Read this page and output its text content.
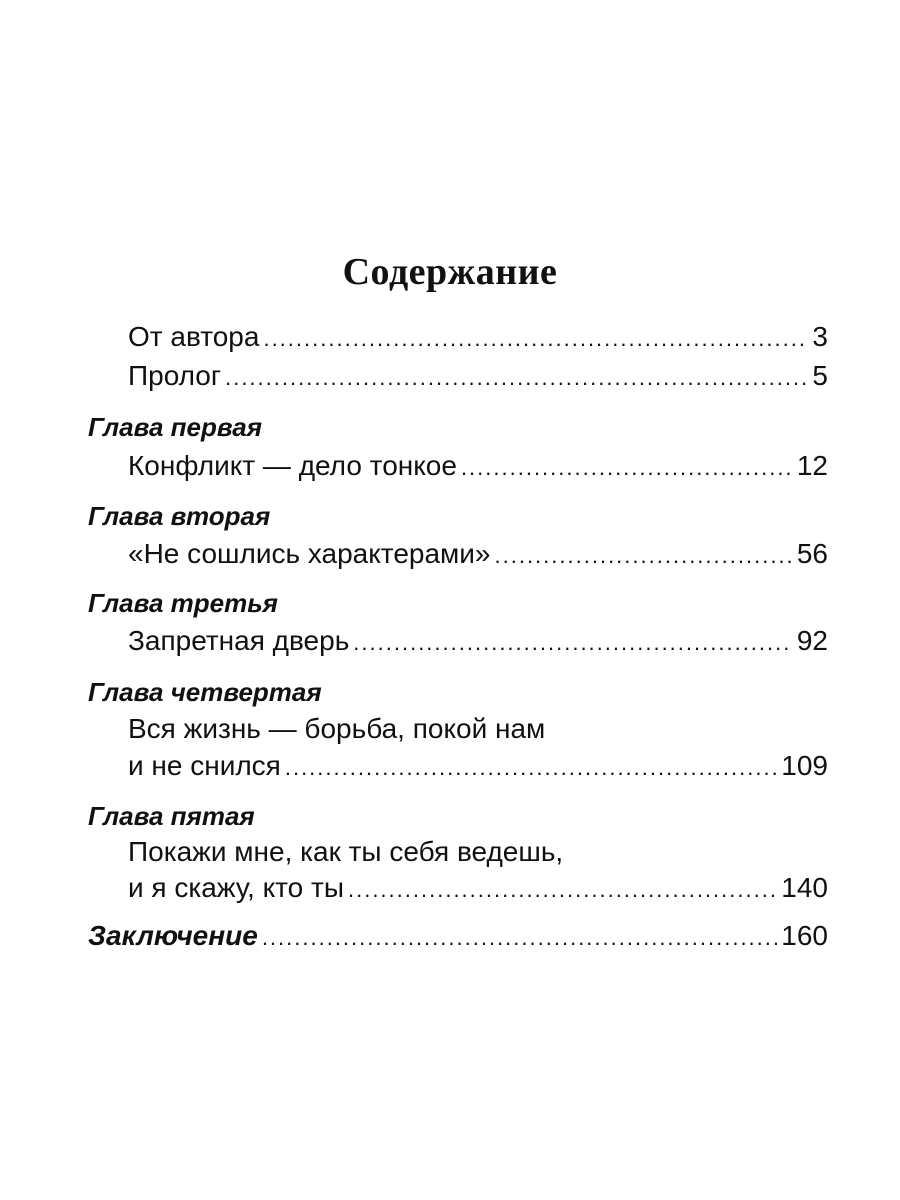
Содержание
От автора .....	3
Пролог .....	5
Глава первая
Конфликт — дело тонкое .....	12
Глава вторая
«Не сошлись характерами» .....	56
Глава третья
Запретная дверь .....	92
Глава четвертая
Вся жизнь — борьба, покой нам
и не снился .....	109
Глава пятая
Покажи мне, как ты себя ведешь,
и я скажу, кто ты .....	140
Заключение .....	160
